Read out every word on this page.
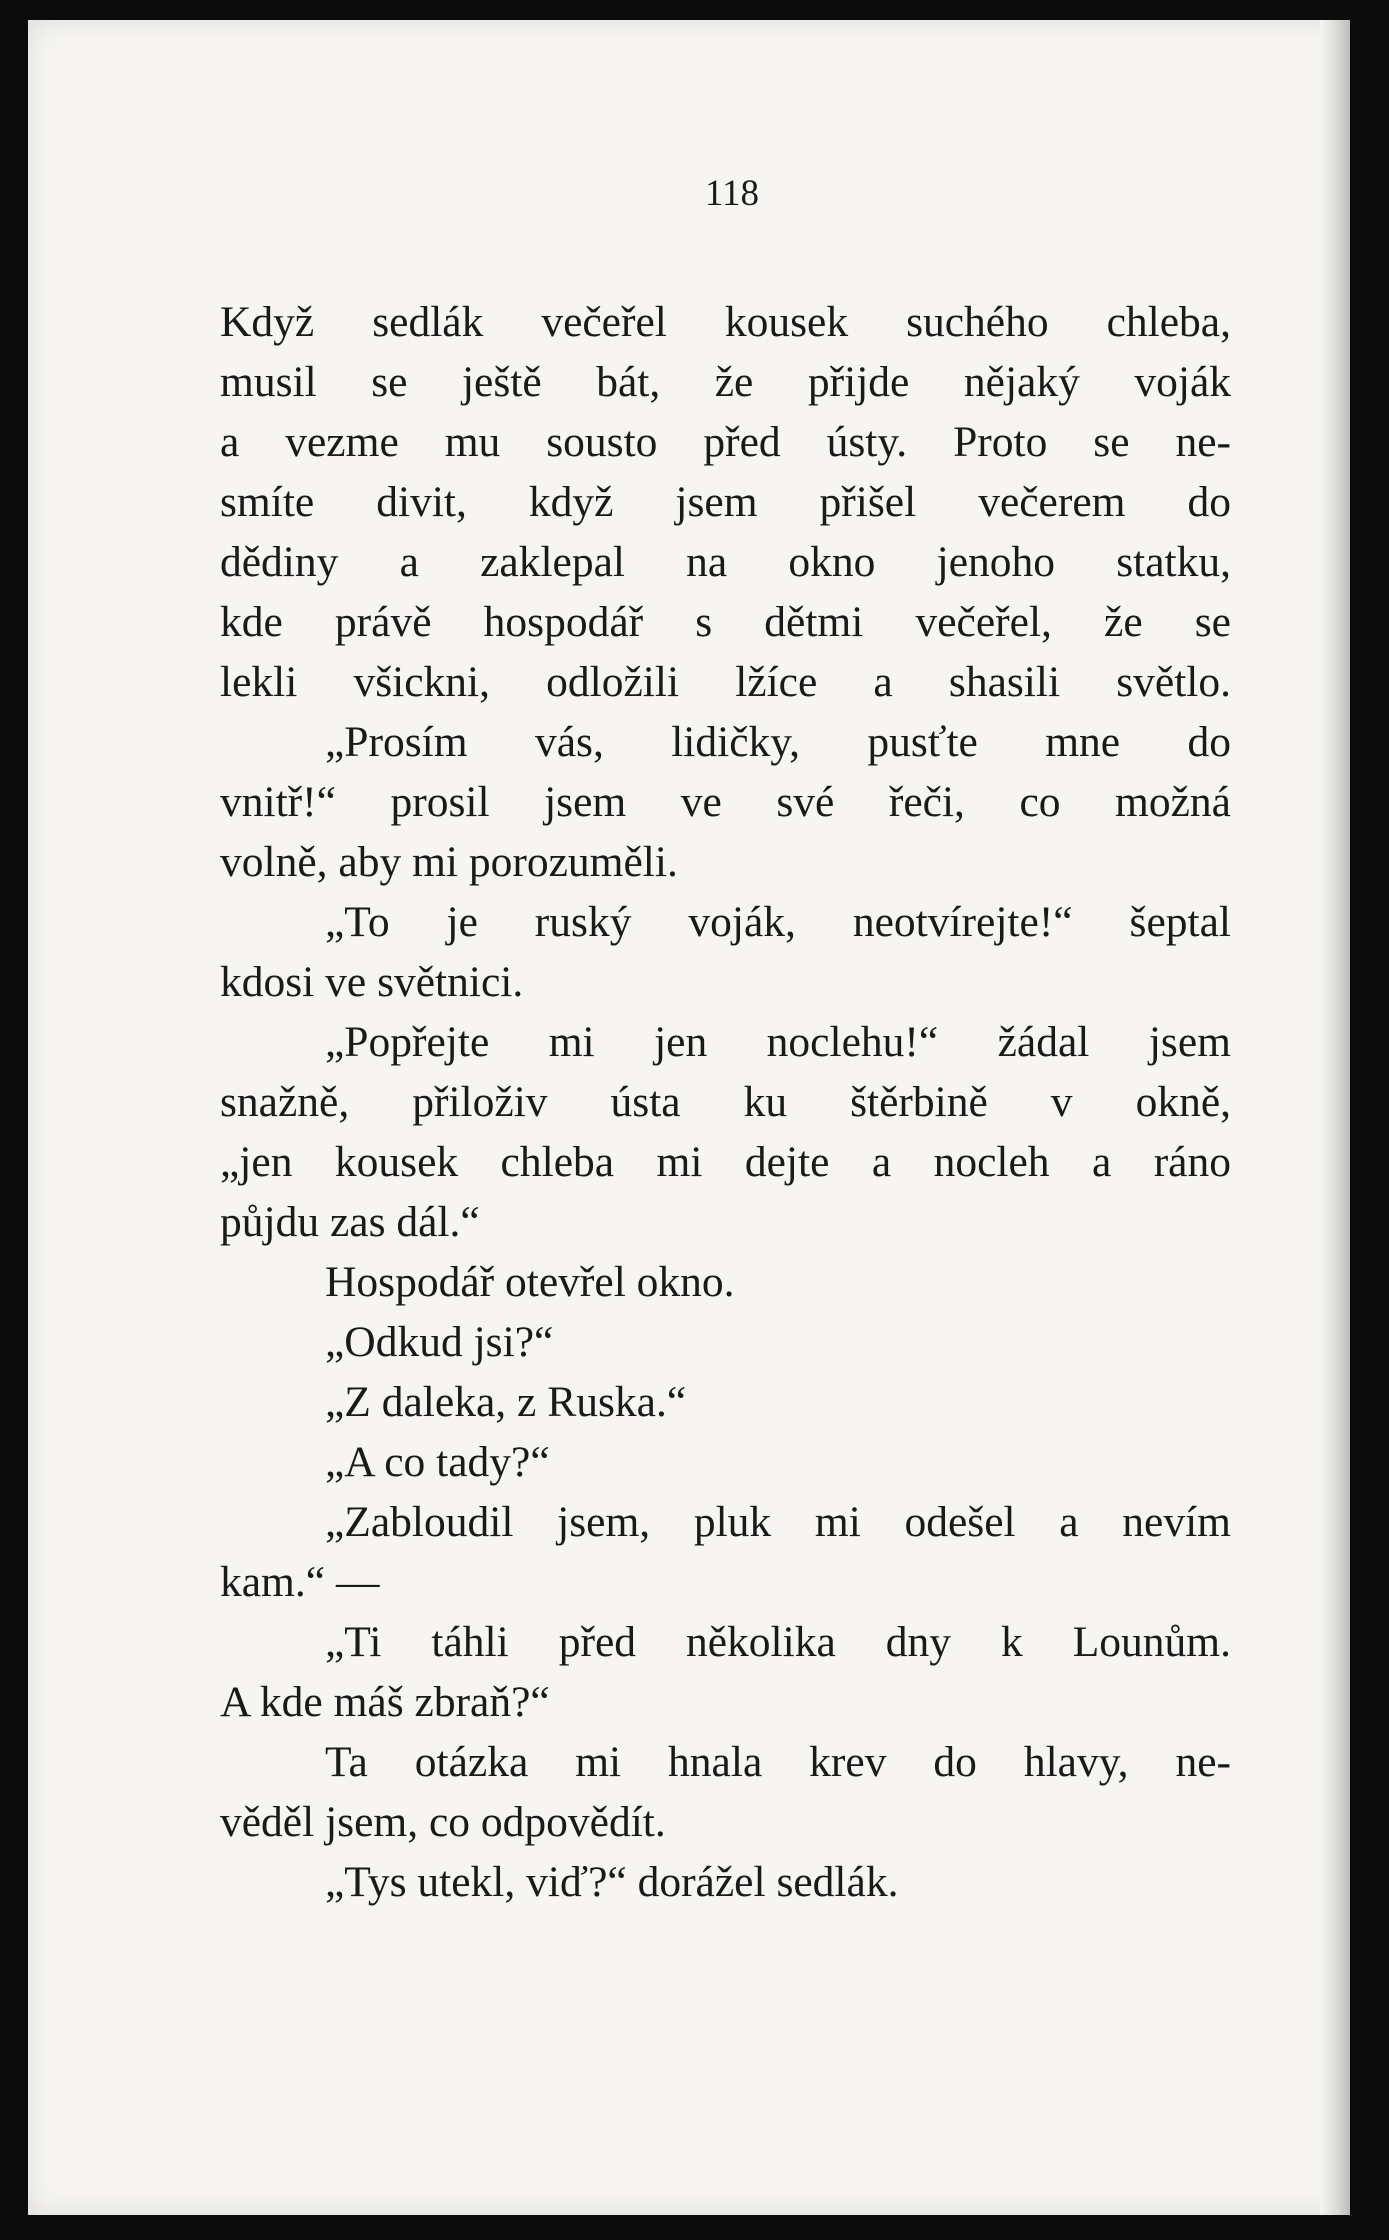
118
Když sedlák večeřel kousek suchého chleba,
musil se ještě bát, že přijde nějaký voják
a vezme mu sousto před ústy. Proto se ne-
smíte divit, když jsem přišel večerem do
dědiny a zaklepal na okno jenoho statku,
kde právě hospodář s dětmi večeřel, že se
lekli všickni, odložili lžíce a shasili světlo.
„Prosím vás, lidičky, pusťte mne do
vnitř!“ prosil jsem ve své řeči, co možná
volně, aby mi porozuměli.
„To je ruský voják, neotvírejte!“ šeptal
kdosi ve světnici.
„Popřejte mi jen noclehu!“ žádal jsem
snažně, přiloživ ústa ku štěrbině v okně,
„jen kousek chleba mi dejte a nocleh a ráno
půjdu zas dál.“
Hospodář otevřel okno.
„Odkud jsi?“
„Z daleka, z Ruska.“
„A co tady?“
„Zabloudil jsem, pluk mi odešel a nevím
kam.“ —
„Ti táhli před několika dny k Lounům.
A kde máš zbraň?“
Ta otázka mi hnala krev do hlavy, ne-
věděl jsem, co odpovědít.
„Tys utekl, viď?“ dorážel sedlák.
